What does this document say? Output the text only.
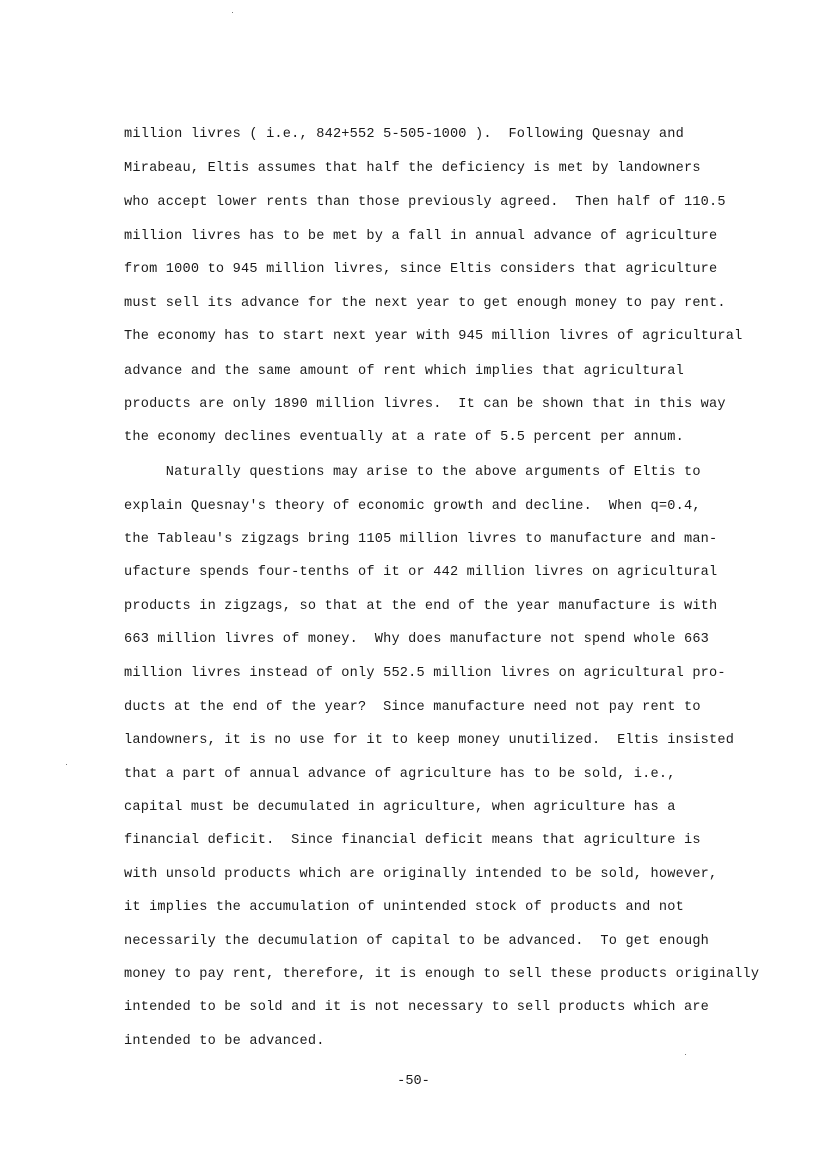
million livres ( i.e., 842+552 5-505-1000 ).  Following Quesnay and
Mirabeau, Eltis assumes that half the deficiency is met by landowners
who accept lower rents than those previously agreed.  Then half of 110.5
million livres has to be met by a fall in annual advance of agriculture
from 1000 to 945 million livres, since Eltis considers that agriculture
must sell its advance for the next year to get enough money to pay rent.
The economy has to start next year with 945 million livres of agricultural
advance and the same amount of rent which implies that agricultural
products are only 1890 million livres.  It can be shown that in this way
the economy declines eventually at a rate of 5.5 percent per annum.
Naturally questions may arise to the above arguments of Eltis to
explain Quesnay's theory of economic growth and decline.  When q=0.4,
the Tableau's zigzags bring 1105 million livres to manufacture and man-
ufacture spends four-tenths of it or 442 million livres on agricultural
products in zigzags, so that at the end of the year manufacture is with
663 million livres of money.  Why does manufacture not spend whole 663
million livres instead of only 552.5 million livres on agricultural pro-
ducts at the end of the year?  Since manufacture need not pay rent to
landowners, it is no use for it to keep money unutilized.  Eltis insisted
that a part of annual advance of agriculture has to be sold, i.e.,
capital must be decumulated in agriculture, when agriculture has a
financial deficit.  Since financial deficit means that agriculture is
with unsold products which are originally intended to be sold, however,
it implies the accumulation of unintended stock of products and not
necessarily the decumulation of capital to be advanced.  To get enough
money to pay rent, therefore, it is enough to sell these products originally
intended to be sold and it is not necessary to sell products which are
intended to be advanced.
-50-
